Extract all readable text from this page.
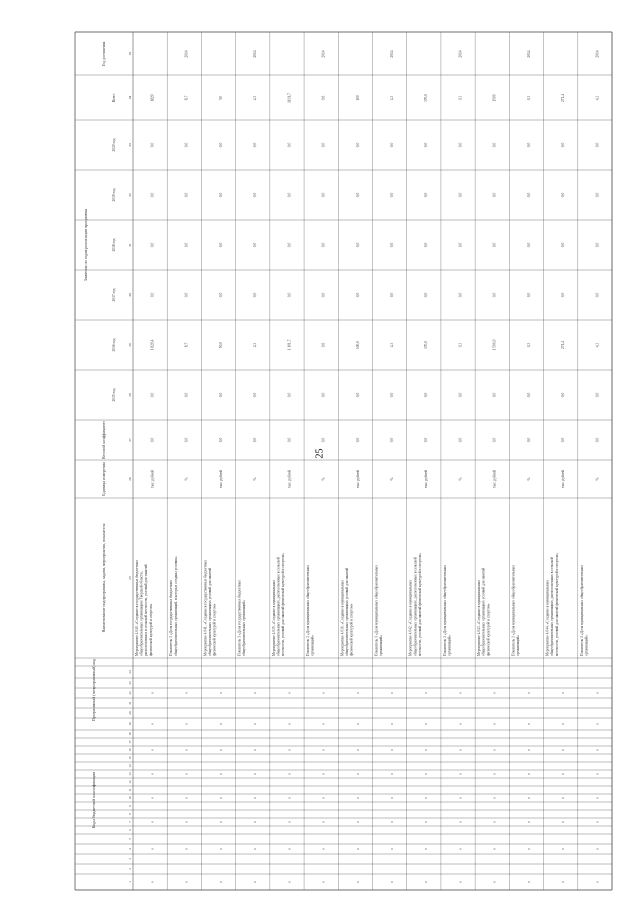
25
1
2
3
4
5
6
7
8
9
10
11
12
13
14
15
16
17
18
19
20
21
22
23
24
Коды бюджетной классификации
Программный (непрограммный) код
Наименование подпрограммы, задачи, мероприятия, показателя
Единица измерения
Весовой коэффициент
Значения по годам реализации программы
2015 год
2016 год
2017 год
2018 год
2019 год
2020 год
Всего
Год достижения
25
26
27
28
29
30
31
32
33
34
35
0
0
0
0
0
0
0
0
Мероприятие 4.040. «Создание в государственных бюджетных общеобразовательных организациях Тверской области, расположенных в сельской местности, условий для занятий физической культурой и спортом»
тыс. рублей
0,0
0,0
1 829,4
0,0
0,0
0,0
0,0
1829
0
0
0
0
0
0
0
0
Показатель 1 «Доля государственных бюджетных общеобразовательных организаций, в которых созданы условия»
%
0,0
0,0
8,7
0,0
0,0
0,0
0,0
8,7
2014
0
0
0
0
0
0
0
0
Мероприятие 4.041. «Создание в государственных бюджетных общеобразовательных организациях условий для занятий физической культурой и спортом»
тыс. рублей
0,0
0,0
50,0
0,0
0,0
0,0
0,0
50
0
0
0
0
0
0
0
0
Показатель 1 «Доля государственных бюджетных общеобразовательных организаций»
%
0,0
0,0
4,3
0,0
0,0
0,0
0,0
4,3
2014
0
0
0
0
0
0
0
0
Мероприятие 4.035. «Создание в муниципальных общеобразовательных организациях, расположенных в сельской местности, условий для занятий физической культурой и спортом»
тыс. рублей
0,0
0,0
1 101,7
0,0
0,0
0,0
0,0
1101,7
0
0
0
0
0
0
0
0
Показатель 1 «Доля муниципальных общеобразовательных организаций»
%
0,0
0,0
0,6
0,0
0,0
0,0
0,0
0,6
2014
0
0
0
0
0
0
0
0
Мероприятие 4.036. «Создание в муниципальных общеобразовательных организациях условий для занятий физической культурой и спортом»
тыс. рублей
0,0
0,0
100,0
0,0
0,0
0,0
0,0
100
0
0
0
0
0
0
0
0
Показатель 1 «Доля муниципальных общеобразовательных организаций»
%
0,0
0,0
4,3
0,0
0,0
0,0
0,0
4,3
2014
0
0
0
0
0
0
0
0
Мероприятие 4.042. «Создание в муниципальных общеобразовательных организациях, расположенных в сельской местности, условий для занятий физической культурой и спортом»
тыс. рублей
0,0
0,0
370,0
0,0
0,0
0,0
0,0
370,0
0
0
0
0
0
0
0
0
Показатель 1 «Доля муниципальных общеобразовательных организаций»
%
0,0
0,0
0,3
0,0
0,0
0,0
0,0
0,3
2014
0
0
0
0
0
0
0
0
Мероприятие 4.043. «Создание в муниципальных общеобразовательных организациях условий для занятий физической культурой и спортом»
тыс. рублей
0,0
0,0
1 500,0
0,0
0,0
0,0
0,0
1500
0
0
0
0
0
0
0
0
Показатель 1 «Доля муниципальных общеобразовательных организаций»
%
0,0
0,0
0,3
0,0
0,0
0,0
0,0
0,3
2014
0
0
0
0
0
0
0
0
Мероприятие 4.044. «Создание в муниципальных общеобразовательных организациях, расположенных в сельской местности, условий для занятий физической культурой и спортом»
тыс. рублей
0,0
0,0
271,4
0,0
0,0
0,0
0,0
271,4
0
0
0
0
0
0
0
0
Показатель 1 «Доля муниципальных общеобразовательных организаций»
%
0,0
0,0
4,3
0,0
0,0
0,0
0,0
4,3
2014
